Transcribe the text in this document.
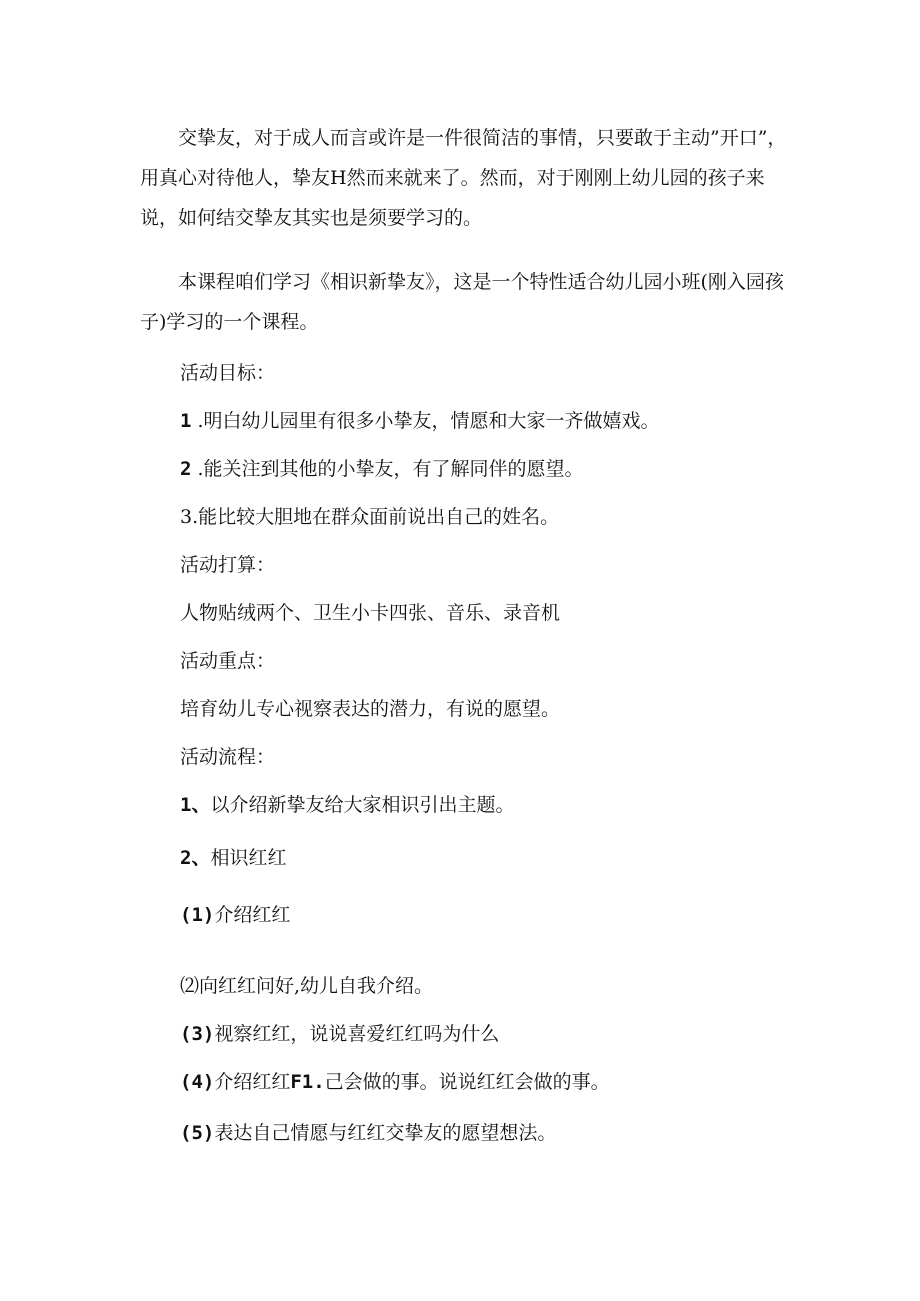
交挚友，对于成人而言或许是一件很简洁的事情，只要敢于主动”开口”，用真心对待他人，挚友H然而来就来了。然而，对于刚刚上幼儿园的孩子来说，如何结交挚友其实也是须要学习的。

本课程咱们学习《相识新挚友》，这是一个特性适合幼儿园小班(刚入园孩子)学习的一个课程。

活动目标：

1 .明白幼儿园里有很多小挚友，情愿和大家一齐做嬉戏。

2 .能关注到其他的小挚友，有了解同伴的愿望。

3.能比较大胆地在群众面前说出自己的姓名。

活动打算：

人物贴绒两个、卫生小卡四张、音乐、录音机

活动重点：

培育幼儿专心视察表达的潜力，有说的愿望。

活动流程：

1、以介绍新挚友给大家相识引出主题。

2、相识红红

(1)介绍红红

⑵向红红问好,幼儿自我介绍。

(3)视察红红，说说喜爱红红吗为什么

(4)介绍红红F1.己会做的事。说说红红会做的事。

(5)表达自己情愿与红红交挚友的愿望想法。
